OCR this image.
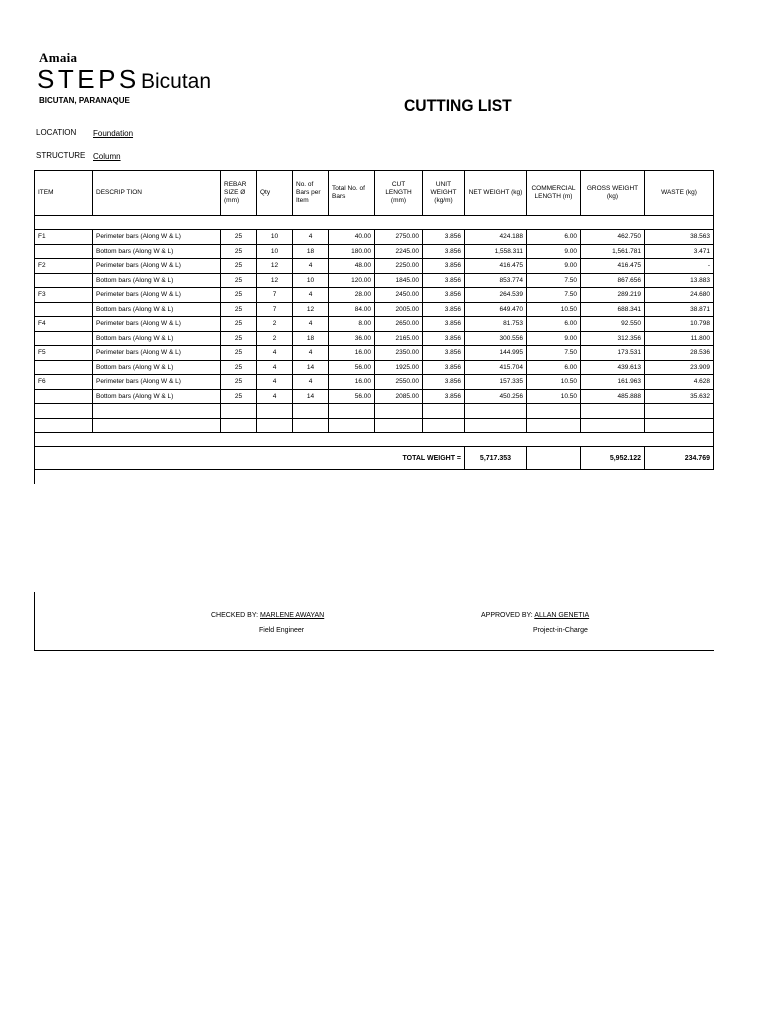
Amaia
STEPS Bicutan
BICUTAN, PARANAQUE	CUTTING LIST
LOCATION Foundation
STRUCTURE Column
ITEM	DESCRIP TION	REBAR SIZE Ø (mm)	Qty	No. of Bars per Item	Total No. of Bars	CUT LENGTH (mm)	UNIT WEIGHT (kg/m)	NET WEIGHT (kg)	COMMERCIAL LENGTH (m)	GROSS WEIGHT (kg)	WASTE (kg)

F1	Perimeter bars (Along W & L)	25	10	4	40.00	2750.00	3.856	424.188	6.00	462.750	38.563
	Bottom bars (Along W & L)	25	10	18	180.00	2245.00	3.856	1,558.311	9.00	1,561.781	3.471
F2	Perimeter bars (Along W & L)	25	12	4	48.00	2250.00	3.856	416.475	9.00	416.475	-
	Bottom bars (Along W & L)	25	12	10	120.00	1845.00	3.856	853.774	7.50	867.656	13.883
F3	Perimeter bars (Along W & L)	25	7	4	28.00	2450.00	3.856	264.539	7.50	289.219	24.680
	Bottom bars (Along W & L)	25	7	12	84.00	2005.00	3.856	649.470	10.50	688.341	38.871
F4	Perimeter bars (Along W & L)	25	2	4	8.00	2650.00	3.856	81.753	6.00	92.550	10.798
	Bottom bars (Along W & L)	25	2	18	36.00	2165.00	3.856	300.556	9.00	312.356	11.800
F5	Perimeter bars (Along W & L)	25	4	4	16.00	2350.00	3.856	144.995	7.50	173.531	28.536
	Bottom bars (Along W & L)	25	4	14	56.00	1925.00	3.856	415.704	6.00	439.613	23.909
F6	Perimeter bars (Along W & L)	25	4	4	16.00	2550.00	3.856	157.335	10.50	161.963	4.628
	Bottom bars (Along W & L)	25	4	14	56.00	2085.00	3.856	450.256	10.50	485.888	35.632

TOTAL WEIGHT =								5,717.353		5,952.122	234.769
CHECKED BY: MARLENE AWAYAN
Field Engineer
APPROVED BY: ALLAN GENETIA
Project-in-Charge
